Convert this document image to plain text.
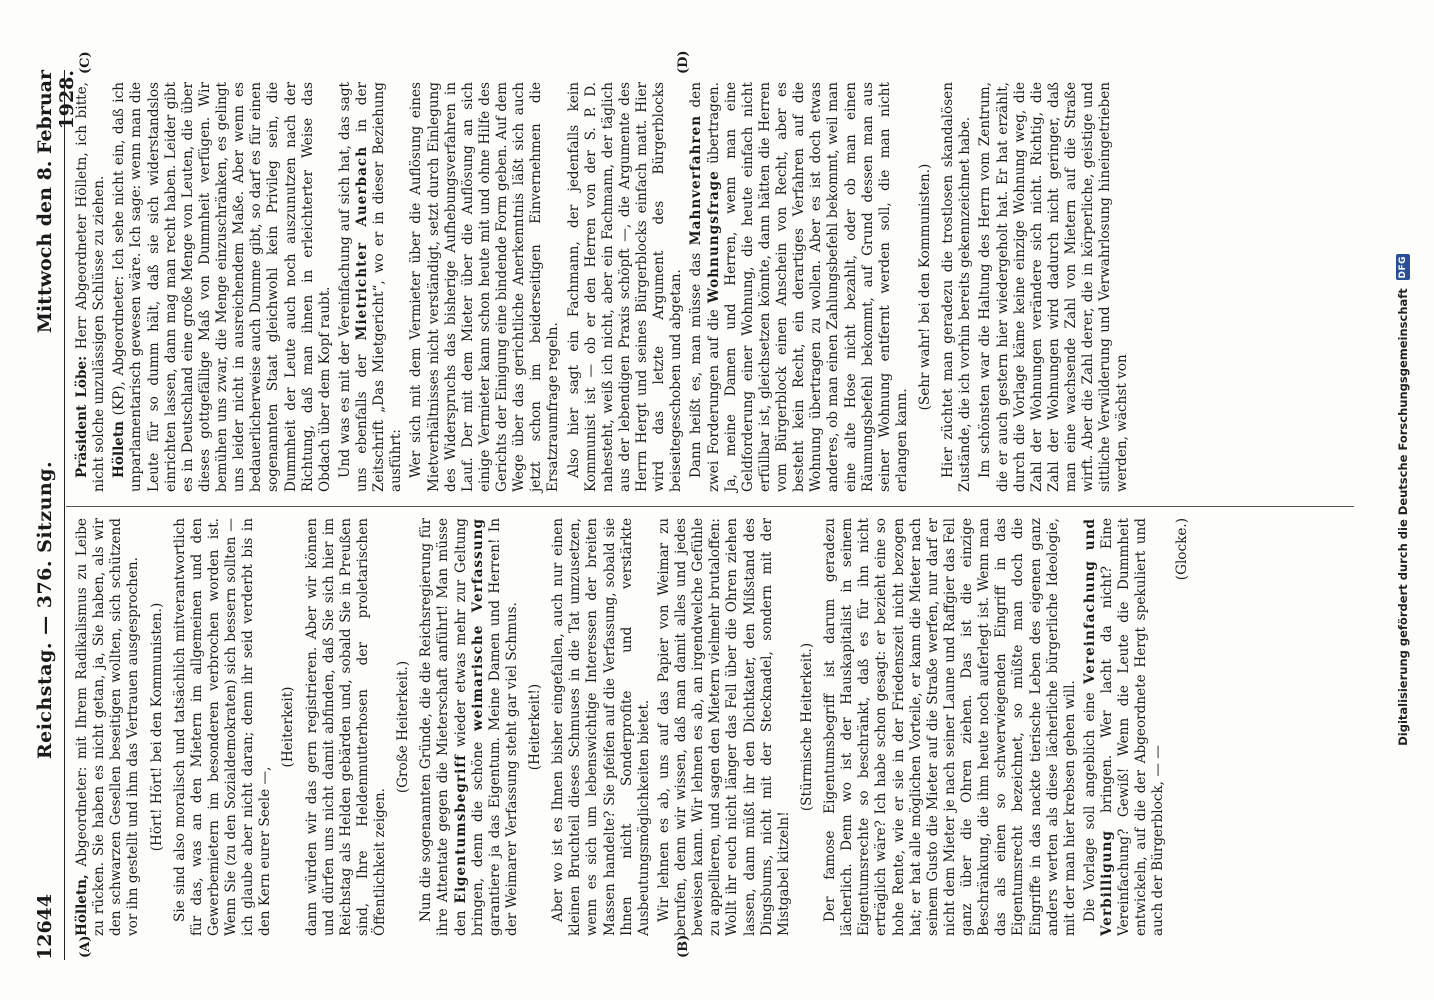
12644
Reichstag. — 376. Sitzung.
Mittwoch den 8. Februar 1928.
(A)	(B)
(C)	(D)

Hölletn, Abgeordneter: mit Ihrem Radikalismus zu Leibe zu rücken. Sie haben es nicht getan, ja, Sie haben, als wir den schwarzen Gesellen beseitigen wollten, sich schützend vor ihn gestellt und ihm das Vertrauen ausgesprochen. (Hört! Hört! bei den Kommunisten.) Sie sind also moralisch und tatsächlich mitverantwortlich für das, was an den Mietern im allgemeinen und den Gewerbemietern im besonderen verbrochen worden ist. Wenn Sie (zu den Sozialdemokraten) sich bessern sollten — ich glaube aber nicht daran; denn ihr seid verderbt bis in den Kern eurer Seele —,

(Heiterkeit) dann würden wir das gern registrieren. Aber wir können und dürfen uns nicht damit abfinden, daß Sie sich hier im Reichstag als Helden gebärden und, sobald Sie in Preußen sind, Ihre Heldenmutterhosen der proletarischen Öffentlichkeit zeigen.

(Große Heiterkeit.) Nun die sogenannten Gründe, die die Reichsregierung für ihre Attentate gegen die Mieterschaft anführt! Man müsse den Eigentumsbegriff wieder etwas mehr zur Geltung bringen, denn die schöne weimarische Verfassung garantiere ja das Eigentum. Meine Damen und Herren! In der Weimarer Verfassung steht gar viel Schmus. (Heiterkeit!) Aber wo ist es Ihnen bisher eingefallen, auch nur einen kleinen Bruchteil dieses Schmuses in die Tat umzusetzen, wenn es sich um lebenswichtige Interessen der breiten Massen handelte? Sie pfeifen auf die Verfassung, sobald sie Ihnen nicht Sonderprofite und verstärkte Ausbeutungsmöglichkeiten bietet. Wir lehnen es ab, uns auf das Papier von Weimar zu berufen, denn wir wissen, daß man damit alles und jedes beweisen kann. Wir lehnen es ab, an irgendwelche Gefühle zu appellieren, und sagen den Mietern vielmehr brutaloffen: Wollt ihr euch nicht länger das Fell über die Ohren ziehen lassen, dann müßt ihr den Dichtkater, den Mißstand des Dingsbums, nicht mit der Stecknadel, sondern mit der Mistgabel kitzeln!

(Stürmische Heiterkeit.) Der famose Eigentumsbegriff ist darum geradezu lächerlich. Denn wo ist der Hauskapitalist in seinem Eigentumsrechte so beschränkt, daß es für ihn nicht erträglich wäre? Ich habe schon gesagt: er bezieht eine so hohe Rente, wie er sie in der Friedenszeit nicht bezogen hat; er hat alle möglichen Vorteile, er kann die Mieter nach seinem Gusto die Mieter auf die Straße werfen, nur darf er nicht dem Mieter je nach seiner Laune und Raffgier das Fell ganz über die Ohren ziehen. Das ist die einzige Beschränkung, die ihm heute noch auferlegt ist. Wenn man das als einen so schwerwiegenden Eingriff in das Eigentumsrecht bezeichnet, so müßte man doch die Eingriffe in das nackte tierische Leben des eigenen ganz anders werten als diese lächerliche bürgerliche Ideologie, mit der man hier krebsen gehen will. Die Vorlage soll angeblich eine Vereinfachung und Verbilligung bringen. Wer lacht da nicht? Eine Vereinfachung? Gewiß! Wenn die Leute die Dummheit entwickeln, auf die der Abgeordnete Hergt spekuliert und auch der Bürgerblock, — —

(Glocke.)

Präsident Löbe: Herr Abgeordneter Hölletn, ich bitte, nicht solche unzulässigen Schlüsse zu ziehen. Hölletn (KP), Abgeordneter: Ich sehe nicht ein, daß ich unparlamentarisch gewesen wäre. Ich sage: wenn man die Leute für so dumm hält, daß sie sich widerstandslos einrichten lassen, dann mag man recht haben. Leider gibt es in Deutschland eine große Menge von Leuten, die über dieses gottgefällige Maß von Dummheit verfügen. Wir bemühen uns zwar, die Menge einzuschränken, es gelingt uns leider nicht in ausreichendem Maße. Aber wenn es bedauerlicherweise auch Dumme gibt, so darf es für einen sogenannten Staat gleichwohl kein Privileg sein, die Dummheit der Leute auch noch auszunutzen nach der Richtung, daß man ihnen in erleichterter Weise das Obdach über dem Kopf raubt. Und was es mit der Vereinfachung auf sich hat, das sagt uns ebenfalls der Mietrichter Auerbach in der Zeitschrift „Das Mietgericht“, wo er in dieser Beziehung ausführt: Wer sich mit dem Vermieter über die Auflösung eines Mietverhältnisses nicht verständigt, setzt durch Einlegung des Widerspruchs das bisherige Aufhebungsverfahren in Lauf. Der mit dem Mieter über die Auflösung an sich einige Vermieter kann schon heute mit und ohne Hilfe des Gerichts der Einigung eine bindende Form geben. Auf dem Wege über das gerichtliche Anerkenntnis läßt sich auch jetzt schon im beiderseitigen Einvernehmen die Ersatzraumfrage regeln. Also hier sagt ein Fachmann, der jedenfalls kein Kommunist ist — ob er den Herren von der S. P. D. nahesteht, weiß ich nicht, aber ein Fachmann, der täglich aus der lebendigen Praxis schöpft —, die Argumente des Herrn Hergt und seines Bürgerblocks einfach matt. Hier wird das letzte Argument des Bürgerblocks beiseitegeschoben und abgetan. Dann heißt es, man müsse das Mahnverfahren den zwei Forderungen auf die Wohnungsfrage übertragen. Ja, meine Damen und Herren, wenn man eine Geldforderung einer Wohnung, die heute einfach nicht erfüllbar ist, gleichsetzen könnte, dann hätten die Herren vom Bürgerblock einen Anschein von Recht, aber es besteht kein Recht, ein derartiges Verfahren auf die Wohnung übertragen zu wollen. Aber es ist doch etwas anderes, ob man einen Zahlungsbefehl bekommt, weil man eine alte Hose nicht bezahlt, oder ob man einen Räumungsbefehl bekommt, auf Grund dessen man aus seiner Wohnung entfernt werden soll, die man nicht erlangen kann.

(Sehr wahr! bei den Kommunisten.) Hier züchtet man geradezu die trostlosen skandalösen Zustände, die ich vorhin bereits gekennzeichnet habe. Im schönsten war die Haltung des Herrn vom Zentrum, die er auch gestern hier wiedergeholt hat. Er hat erzählt, durch die Vorlage käme keine einzige Wohnung weg, die Zahl der Wohnungen verändere sich nicht. Richtig, die Zahl der Wohnungen wird dadurch nicht geringer, daß man eine wachsende Zahl von Mietern auf die Straße wirft. Aber die Zahl derer, die in körperliche, geistige und sittliche Verwilderung und Verwahrlosung hineingetrieben werden, wächst von	Digitalisierung gefördert durch die Deutsche Forschungsgemeinschaft
DFG
